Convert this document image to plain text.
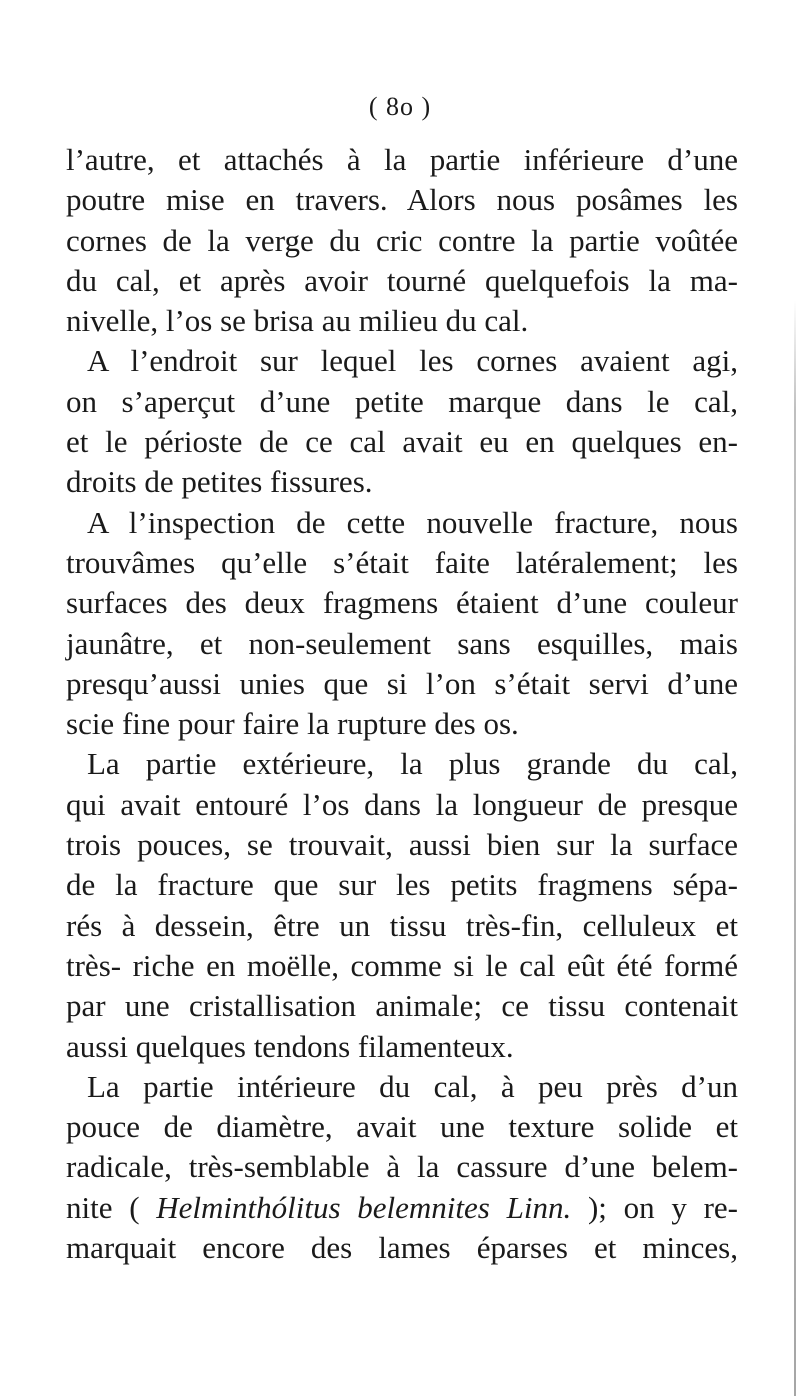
( 8o )
l’autre, et attachés à la partie inférieure d’une
poutre mise en travers. Alors nous posâmes les
cornes de la verge du cric contre la partie voûtée
du cal, et après avoir tourné quelquefois la ma-
nivelle, l’os se brisa au milieu du cal.
A l’endroit sur lequel les cornes avaient agi,
on s’aperçut d’une petite marque dans le cal,
et le périoste de ce cal avait eu en quelques en-
droits de petites fissures.
A l’inspection de cette nouvelle fracture, nous
trouvâmes qu’elle s’était faite latéralement; les
surfaces des deux fragmens étaient d’une couleur
jaunâtre, et non-seulement sans esquilles, mais
presqu’aussi unies que si l’on s’était servi d’une
scie fine pour faire la rupture des os.
La partie extérieure, la plus grande du cal,
qui avait entouré l’os dans la longueur de presque
trois pouces, se trouvait, aussi bien sur la surface
de la fracture que sur les petits fragmens sépa-
rés à dessein, être un tissu très-fin, celluleux et
très- riche en moëlle, comme si le cal eût été formé
par une cristallisation animale; ce tissu contenait
aussi quelques tendons filamenteux.
La partie intérieure du cal, à peu près d’un
pouce de diamètre, avait une texture solide et
radicale, très-semblable à la cassure d’une belem-
nite ( Helminthólitus belemnites Linn. ); on y re-
marquait encore des lames éparses et minces,
